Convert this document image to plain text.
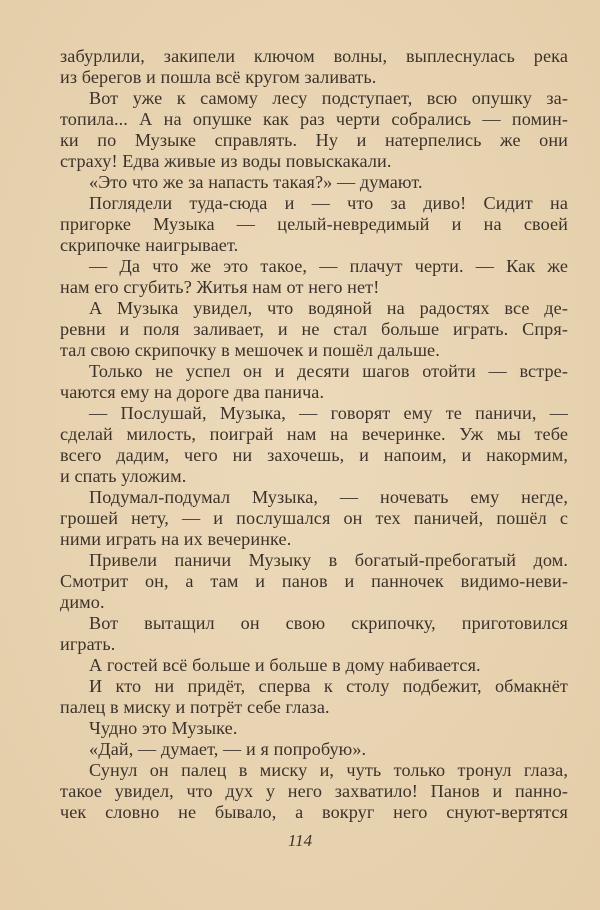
забурлили, закипели ключом волны, выплеснулась река
из берегов и пошла всё кругом заливать.
Вот уже к самому лесу подступает, всю опушку за-
топила... А на опушке как раз черти собрались — помин-
ки по Музыке справлять. Ну и натерпелись же они
страху! Едва живые из воды повыскакали.
«Это что же за напасть такая?» — думают.
Поглядели туда-сюда и — что за диво! Сидит на
пригорке Музыка — целый-невредимый и на своей
скрипочке наигрывает.
— Да что же это такое, — плачут черти. — Как же
нам его сгубить? Житья нам от него нет!
А Музыка увидел, что водяной на радостях все де-
ревни и поля заливает, и не стал больше играть. Спря-
тал свою скрипочку в мешочек и пошёл дальше.
Только не успел он и десяти шагов отойти — встре-
чаются ему на дороге два панича.
— Послушай, Музыка, — говорят ему те паничи, —
сделай милость, поиграй нам на вечеринке. Уж мы тебе
всего дадим, чего ни захочешь, и напоим, и накормим,
и спать уложим.
Подумал-подумал Музыка, — ночевать ему негде,
грошей нету, — и послушался он тех паничей, пошёл с
ними играть на их вечеринке.
Привели паничи Музыку в богатый-пребогатый дом.
Смотрит он, а там и панов и панночек видимо-неви-
димо.
Вот вытащил он свою скрипочку, приготовился
играть.
А гостей всё больше и больше в дому набивается.
И кто ни придёт, сперва к столу подбежит, обмакнёт
палец в миску и потрёт себе глаза.
Чудно это Музыке.
«Дай, — думает, — и я попробую».
Сунул он палец в миску и, чуть только тронул глаза,
такое увидел, что дух у него захватило! Панов и панно-
чек словно не бывало, а вокруг него снуют-вертятся
114
